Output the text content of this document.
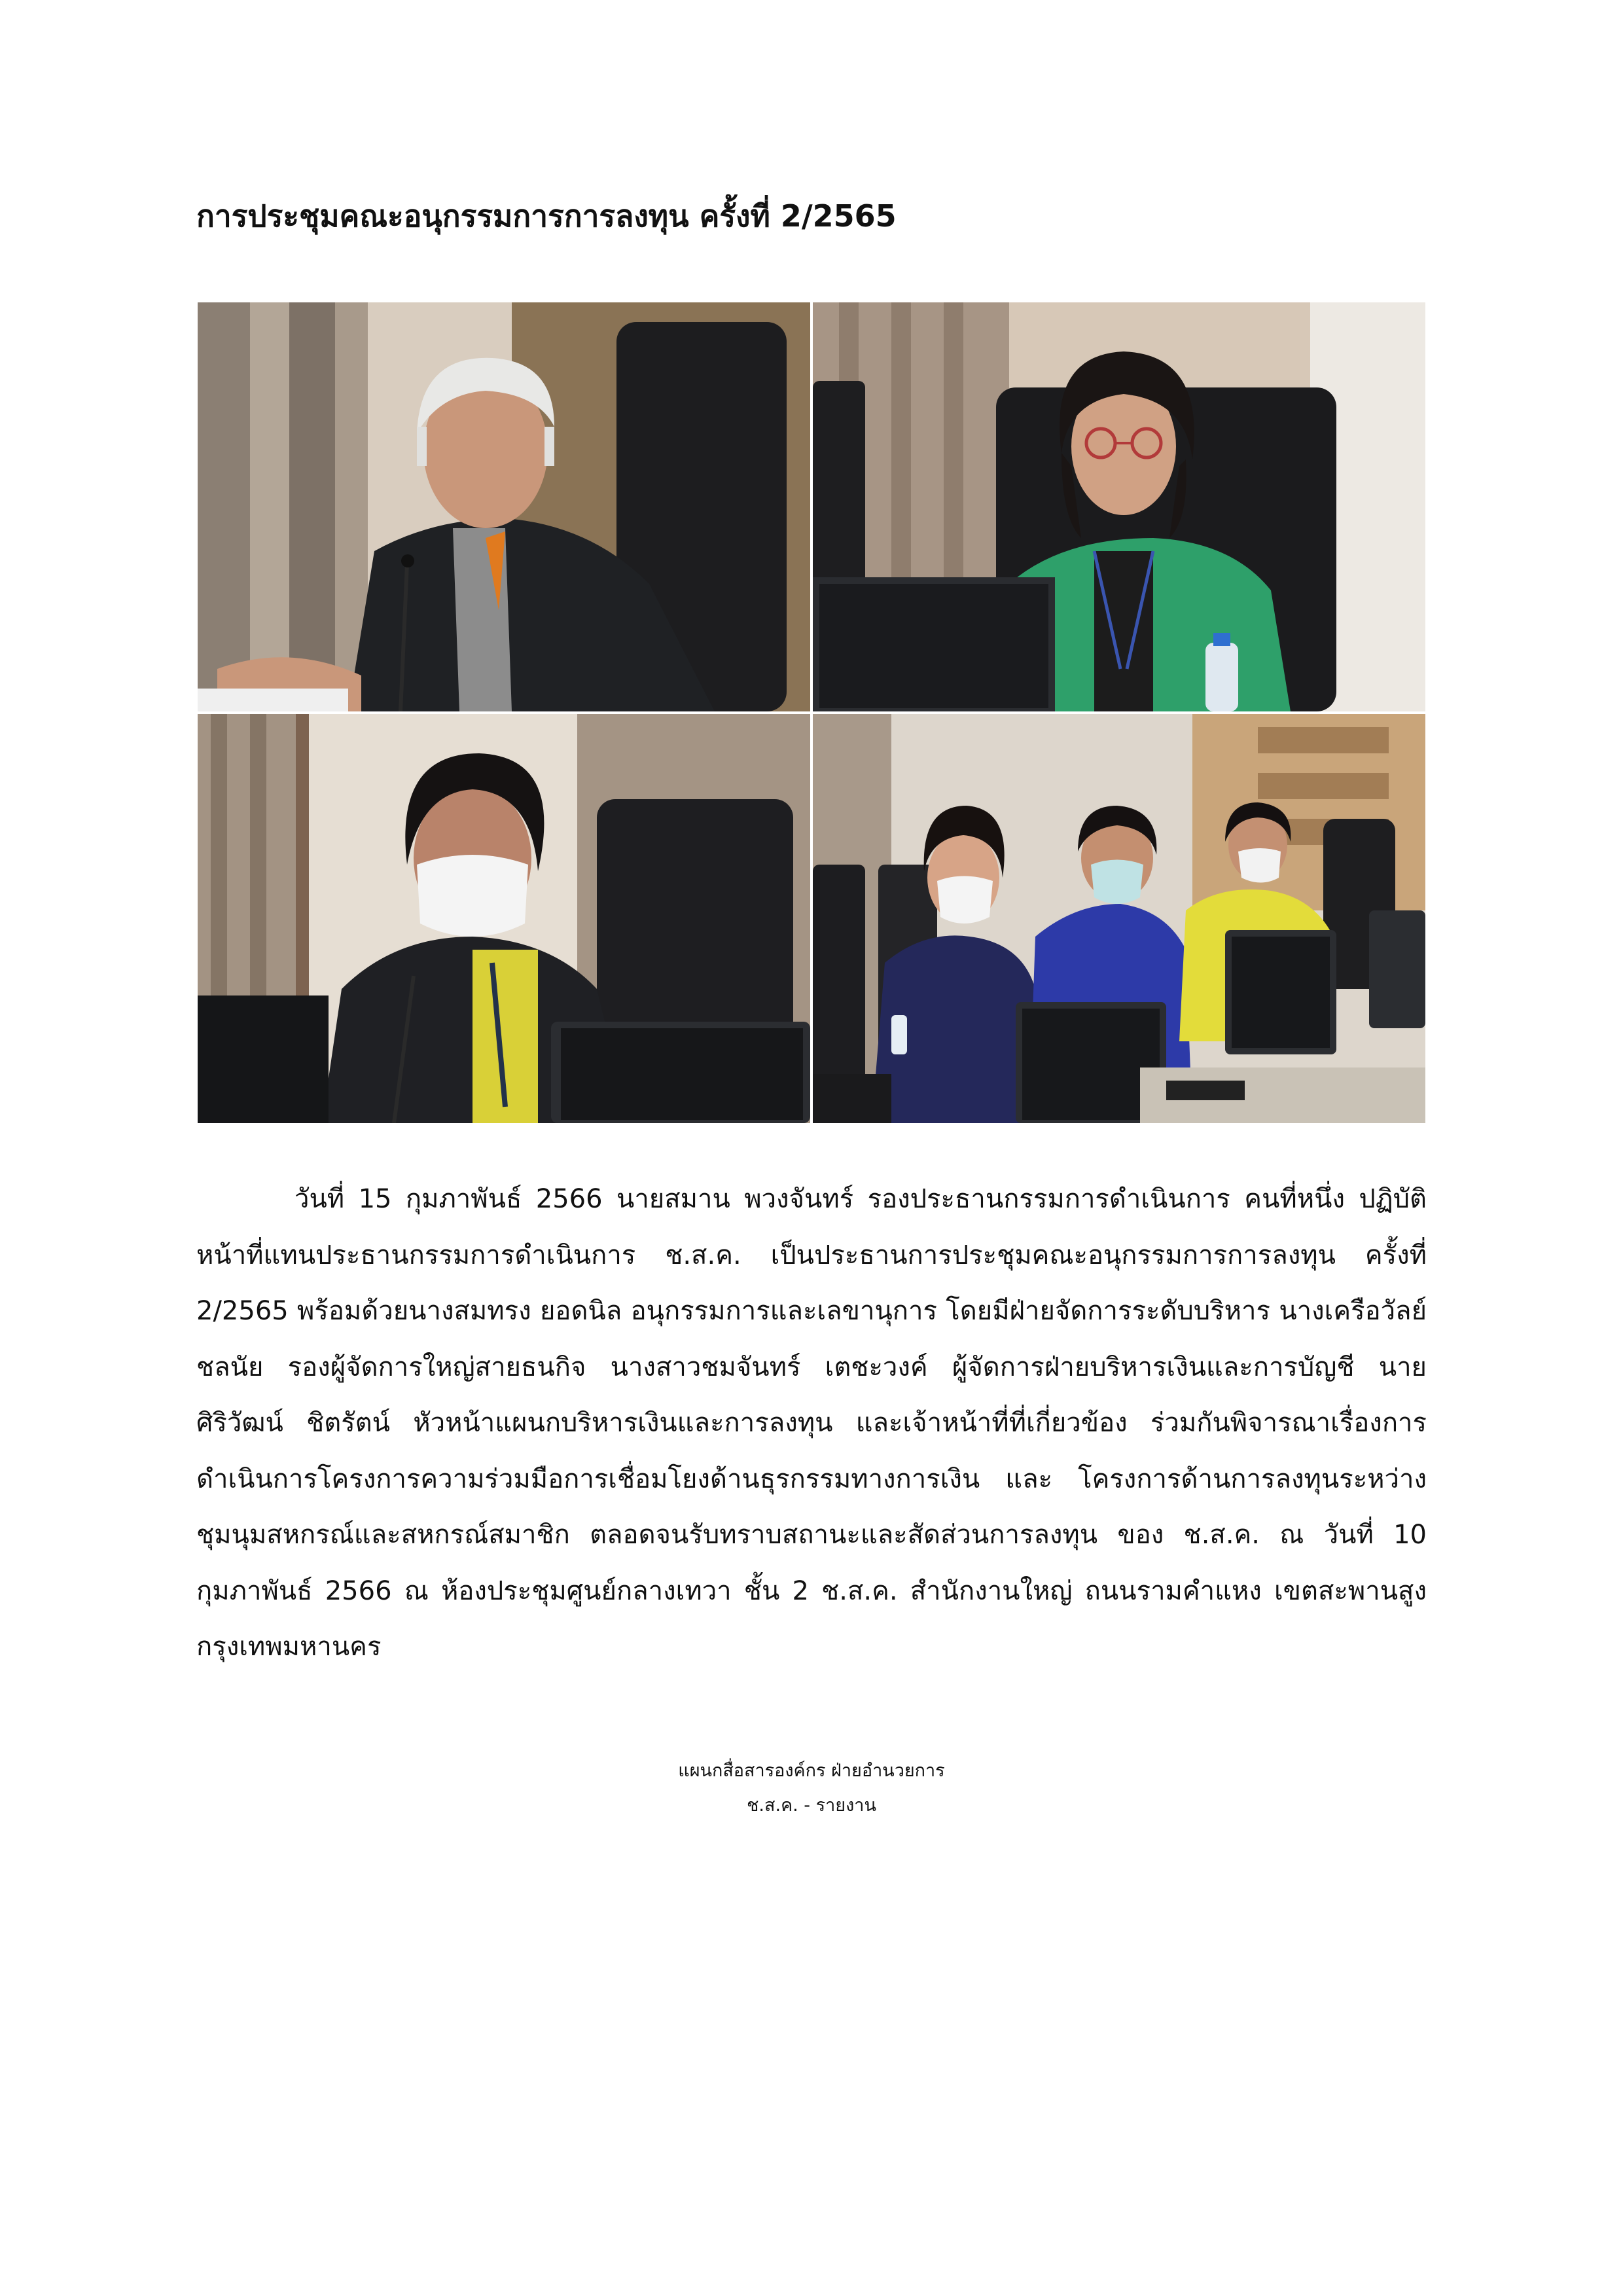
การประชุมคณะอนุกรรมการการลงทุน ครั้งที่ 2/2565

วันที่ 15 กุมภาพันธ์ 2566 นายสมาน พวงจันทร์ รองประธานกรรมการดำเนินการ คนที่หนึ่ง ปฏิบัติหน้าที่แทนประธานกรรมการดำเนินการ ช.ส.ค. เป็นประธานการประชุมคณะอนุกรรมการการลงทุน ครั้งที่ 2/2565 พร้อมด้วยนางสมทรง ยอดนิล อนุกรรมการและเลขานุการ โดยมีฝ่ายจัดการระดับบริหาร นางเครือวัลย์ ชลนัย รองผู้จัดการใหญ่สายธนกิจ นางสาวชมจันทร์ เตชะวงค์ ผู้จัดการฝ่ายบริหารเงินและการบัญชี นายศิริวัฒน์ ชิตรัตน์ หัวหน้าแผนกบริหารเงินและการลงทุน และเจ้าหน้าที่ที่เกี่ยวข้อง ร่วมกันพิจารณาเรื่องการดำเนินการโครงการความร่วมมือการเชื่อมโยงด้านธุรกรรมทางการเงิน และ โครงการด้านการลงทุนระหว่างชุมนุมสหกรณ์และสหกรณ์สมาชิก ตลอดจนรับทราบสถานะและสัดส่วนการลงทุน ของ ช.ส.ค. ณ วันที่ 10 กุมภาพันธ์ 2566 ณ ห้องประชุมศูนย์กลางเทวา ชั้น 2 ช.ส.ค. สำนักงานใหญ่ ถนนรามคำแหง เขตสะพานสูง กรุงเทพมหานคร

แผนกสื่อสารองค์กร ฝ่ายอำนวยการ
ช.ส.ค. - รายงาน
